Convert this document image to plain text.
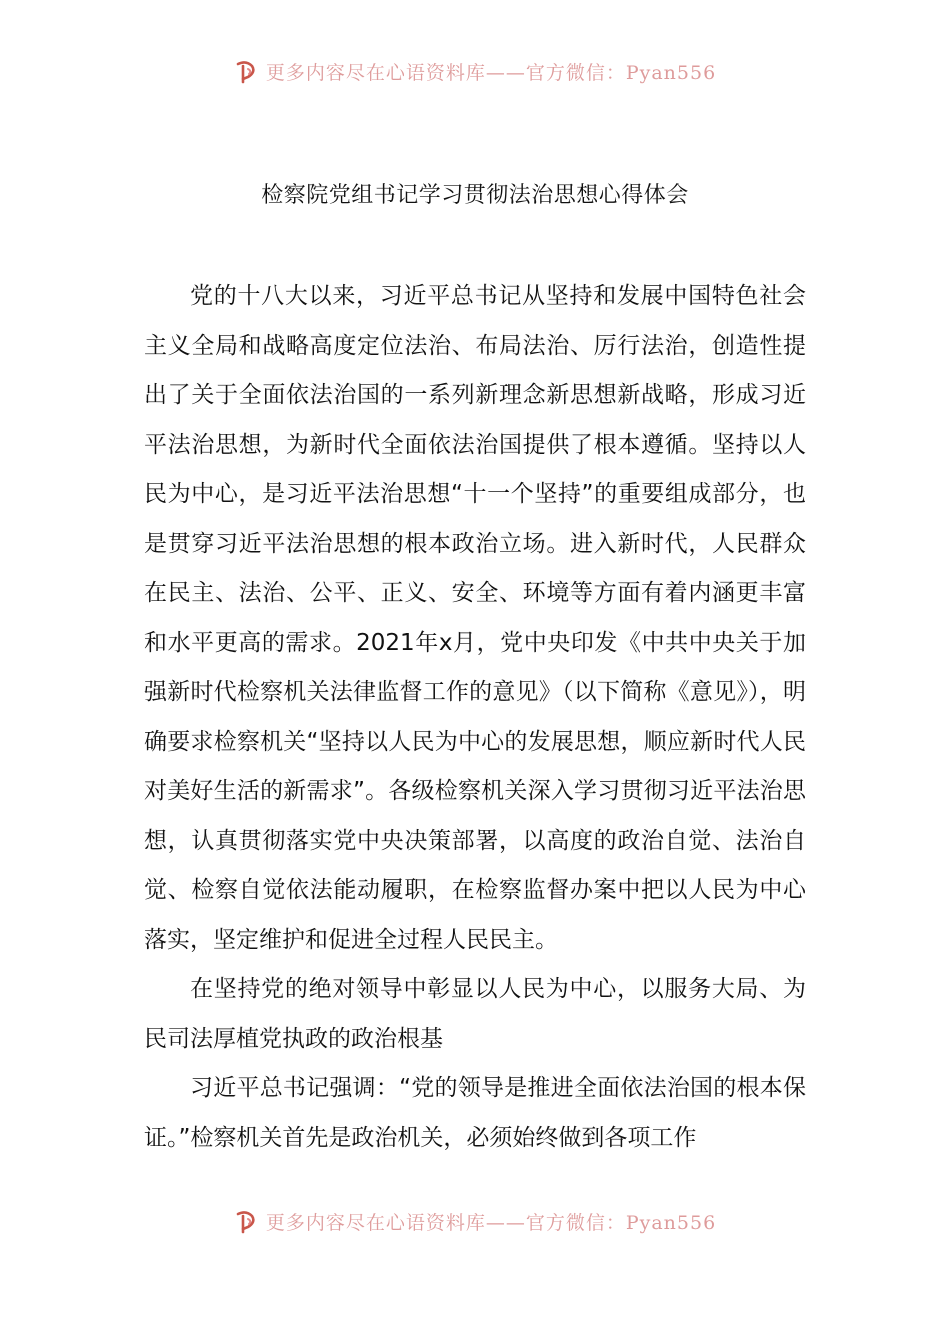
更多内容尽在心语资料库——官方微信：Pyan556
检察院党组书记学习贯彻法治思想心得体会

党的十八大以来，习近平总书记从坚持和发展中国特色社会主义全局和战略高度定位法治、布局法治、厉行法治，创造性提出了关于全面依法治国的一系列新理念新思想新战略，形成习近平法治思想，为新时代全面依法治国提供了根本遵循。坚持以人民为中心，是习近平法治思想“十一个坚持”的重要组成部分，也是贯穿习近平法治思想的根本政治立场。进入新时代，人民群众在民主、法治、公平、正义、安全、环境等方面有着内涵更丰富和水平更高的需求。2021年x月，党中央印发《中共中央关于加强新时代检察机关法律监督工作的意见》（以下简称《意见》），明确要求检察机关“坚持以人民为中心的发展思想，顺应新时代人民对美好生活的新需求”。各级检察机关深入学习贯彻习近平法治思想，认真贯彻落实党中央决策部署，以高度的政治自觉、法治自觉、检察自觉依法能动履职，在检察监督办案中把以人民为中心落实，坚定维护和促进全过程人民民主。

在坚持党的绝对领导中彰显以人民为中心，以服务大局、为民司法厚植党执政的政治根基

习近平总书记强调：“党的领导是推进全面依法治国的根本保证。”检察机关首先是政治机关，必须始终做到各项工作

更多内容尽在心语资料库——官方微信：Pyan556
